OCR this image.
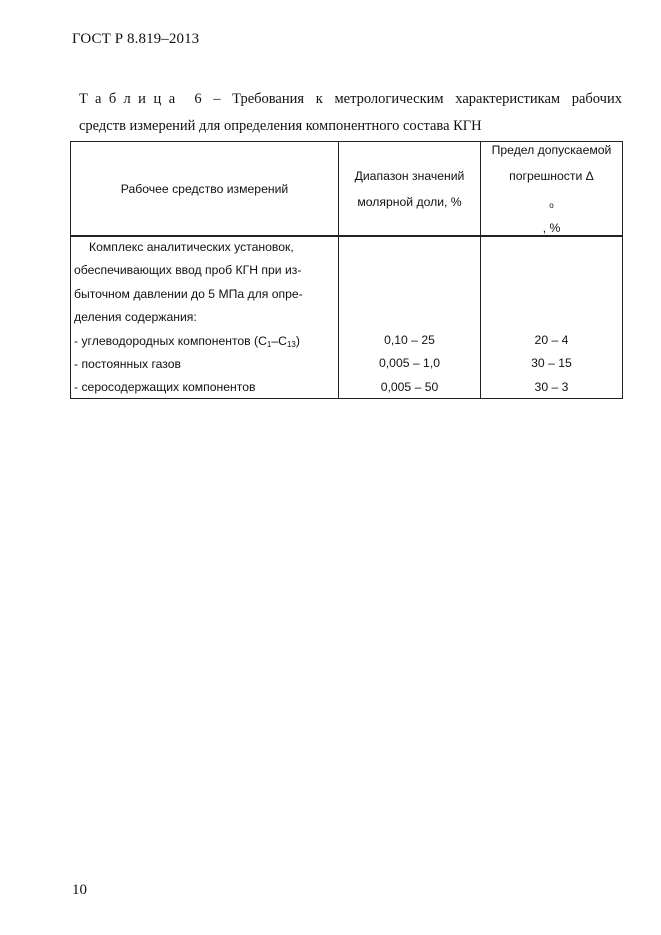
ГОСТ Р 8.819–2013
Таблица 6 – Требования к метрологическим характеристикам рабочих
средств измерений для определения компонентного состава КГН
Рабочее средство измерений
Диапазон значений
молярной доли, %
Предел допускаемой
погрешности Δ
$_о$
, %
Комплекс аналитических установок,
обеспечивающих ввод проб КГН при из-
быточном давлении до 5 МПа для опре-
деления содержания:
- углеводородных компонентов $(С_1-С_{13})$
- постоянных газов
- серосодержащих компонентов
0,10 – 25
0,005 – 1,0
0,005 – 50
20 – 4
30 – 15
30 – 3
10
